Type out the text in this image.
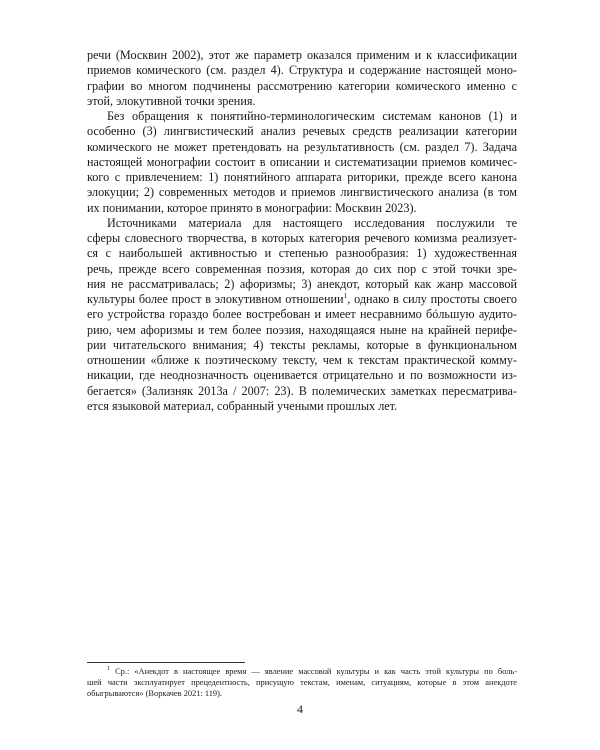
речи (Москвин 2002), этот же параметр оказался применим и к классификации
приемов комического (см. раздел 4). Структура и содержание настоящей моно-
графии во многом подчинены рассмотрению категории комического именно с
этой, элокутивной точки зрения.
Без обращения к понятийно-терминологическим системам канонов (1) и
особенно (3) лингвистический анализ речевых средств реализации категории
комического не может претендовать на результативность (см. раздел 7). Задача
настоящей монографии состоит в описании и систематизации приемов комичес-
кого с привлечением: 1) понятийного аппарата риторики, прежде всего канона
элокуции; 2) современных методов и приемов лингвистического анализа (в том
их понимании, которое принято в монографии: Москвин 2023).
Источниками материала для настоящего исследования послужили те
сферы словесного творчества, в которых категория речевого комизма реализует-
ся с наибольшей активностью и степенью разнообразия: 1) художественная
речь, прежде всего современная поэзия, которая до сих пор с этой точки зре-
ния не рассматривалась; 2) афоризмы; 3) анекдот, который как жанр массовой
культуры более прост в элокутивном отношении$^1$, однако в силу простоты своего
его устройства гораздо более востребован и имеет несравнимо бóльшую аудито-
рию, чем афоризмы и тем более поэзия, находящаяся ныне на крайней перифе-
рии читательского внимания; 4) тексты рекламы, которые в функциональном
отношении «ближе к поэтическому тексту, чем к текстам практической комму-
никации, где неоднозначность оценивается отрицательно и по возможности из-
бегается» (Зализняк 2013а / 2007: 23). В полемических заметках пересматрива-
ется языковой материал, собранный учеными прошлых лет.
$^1$ Ср.: «Анекдот в настоящее время — явление массовой культуры и как часть этой культуры по боль-
шей части эксплуатирует прецедентность, присущую текстам, именам, ситуациям, которые в этом анекдоте
обыгрываются» (Воркачев 2021: 119).
4
